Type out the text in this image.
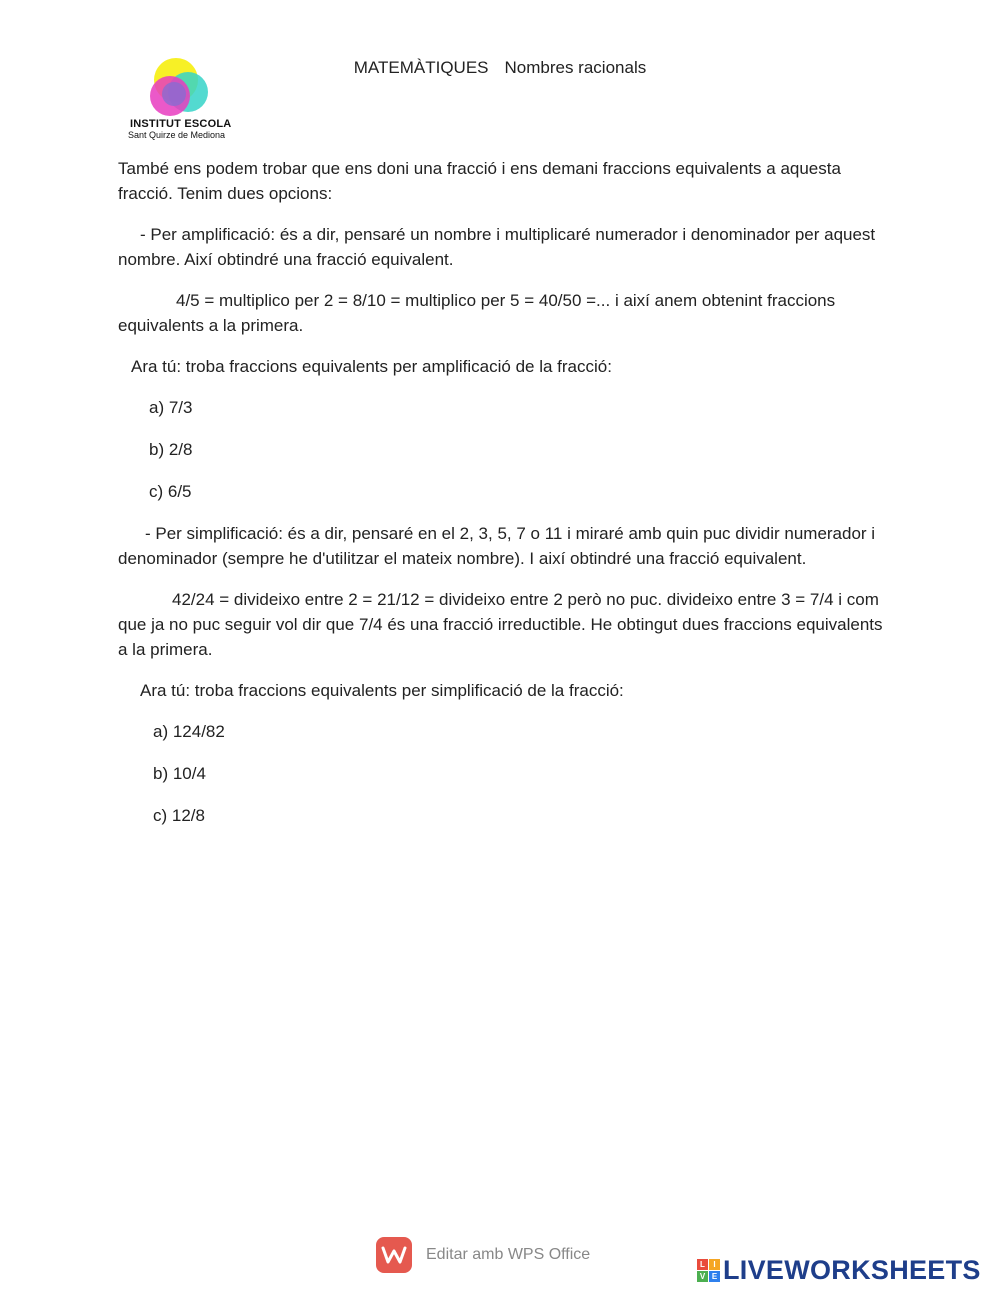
MATEMÀTIQUES Nombres racionals
INSTITUT ESCOLA
Sant Quirze de Mediona

També ens podem trobar que ens doni una fracció i ens demani fraccions equivalents a aquesta fracció. Tenim dues opcions:

- Per amplificació: és a dir, pensaré un nombre i multiplicaré numerador i denominador per aquest nombre. Així obtindré una fracció equivalent.

4/5 = multiplico per 2 = 8/10 = multiplico per 5 = 40/50 =... i així anem obtenint fraccions equivalents a la primera.

Ara tú: troba fraccions equivalents per amplificació de la fracció:

a) 7/3

b) 2/8

c) 6/5

- Per simplificació: és a dir, pensaré en el 2, 3, 5, 7 o 11 i miraré amb quin puc dividir numerador i denominador (sempre he d'utilitzar el mateix nombre). I així obtindré una fracció equivalent.

42/24 = divideixo entre 2 = 21/12 = divideixo entre 2 però no puc. divideixo entre 3 = 7/4 i com que ja no puc seguir vol dir que 7/4 és una fracció irreductible. He obtingut dues fraccions equivalents a la primera.

Ara tú: troba fraccions equivalents per simplificació de la fracció:

a) 124/82

b) 10/4

c) 12/8

Editar amb WPS Office
L	I
V E LIVEWORKSHEETS
